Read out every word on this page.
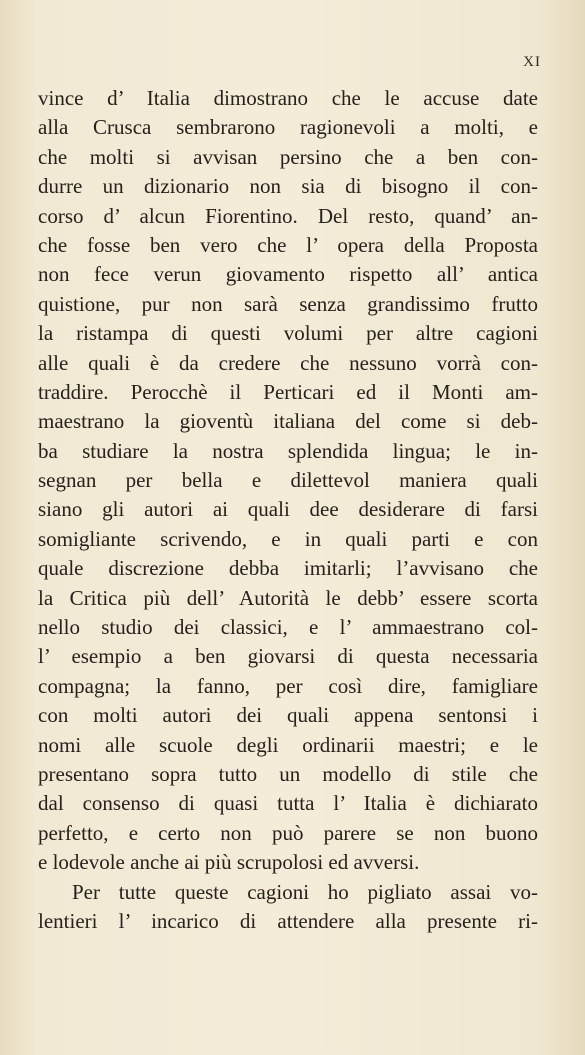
XI
vince d’ Italia dimostrano che le accuse date
alla Crusca sembrarono ragionevoli a molti, e
che molti si avvisan persino che a ben con-
durre un dizionario non sia di bisogno il con-
corso d’ alcun Fiorentino. Del resto, quand’ an-
che fosse ben vero che l’ opera della Proposta
non fece verun giovamento rispetto all’ antica
quistione, pur non sarà senza grandissimo frutto
la ristampa di questi volumi per altre cagioni
alle quali è da credere che nessuno vorrà con-
traddire. Perocchè il Perticari ed il Monti am-
maestrano la gioventù italiana del come si deb-
ba studiare la nostra splendida lingua; le in-
segnan per bella e dilettevol maniera quali
siano gli autori ai quali dee desiderare di farsi
somigliante scrivendo, e in quali parti e con
quale discrezione debba imitarli; l’avvisano che
la Critica più dell’ Autorità le debb’ essere scorta
nello studio dei classici, e l’ ammaestrano col-
l’ esempio a ben giovarsi di questa necessaria
compagna; la fanno, per così dire, famigliare
con molti autori dei quali appena sentonsi i
nomi alle scuole degli ordinarii maestri; e le
presentano sopra tutto un modello di stile che
dal consenso di quasi tutta l’ Italia è dichiarato
perfetto, e certo non può parere se non buono
e lodevole anche ai più scrupolosi ed avversi.
Per tutte queste cagioni ho pigliato assai vo-
lentieri l’ incarico di attendere alla presente ri-
